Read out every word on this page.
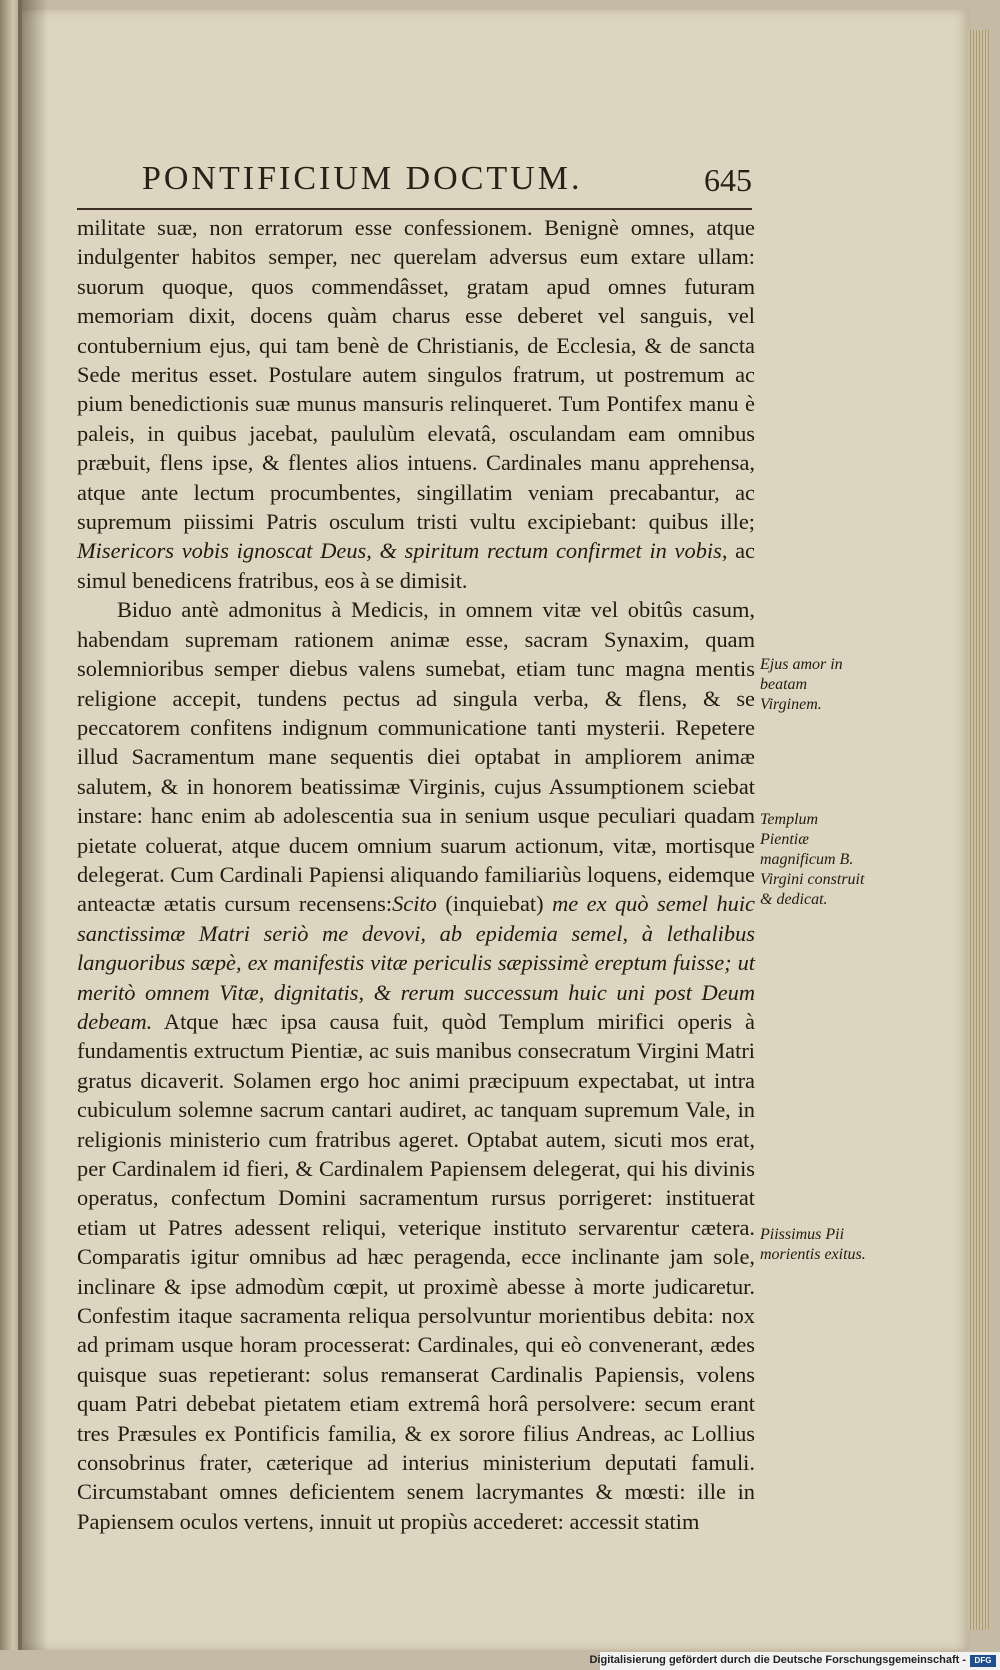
PONTIFICIUM DOCTUM.	645

militate suæ, non erratorum esse confessionem. Benignè omnes, atque indulgenter habitos semper, nec querelam adversus eum extare ullam: suorum quoque, quos commendâsset, gratam apud omnes futuram memoriam dixit, docens quàm charus esse deberet vel sanguis, vel contubernium ejus, qui tam benè de Christianis, de Ecclesia, & de sancta Sede meritus esset. Postulare autem singulos fratrum, ut postremum ac pium benedictionis suæ munus mansuris relinqueret. Tum Pontifex manu è paleis, in quibus jacebat, paululùm elevatâ, osculandam eam omnibus præbuit, flens ipse, & flentes alios intuens. Cardinales manu apprehensa, atque ante lectum procumbentes, singillatim veniam precabantur, ac supremum piissimi Patris osculum tristi vultu excipiebant: quibus ille; Misericors vobis ignoscat Deus, & spiritum rectum confirmet in vobis, ac simul benedicens fratribus, eos à se dimisit.

Biduo antè admonitus à Medicis, in omnem vitæ vel obitûs casum, habendam supremam rationem animæ esse, sacram Synaxim, quam solemnioribus semper diebus valens sumebat, etiam tunc magna mentis religione accepit, tundens pectus ad singula verba, & flens, & se peccatorem confitens indignum communicatione tanti mysterii. Repetere illud Sacramentum mane sequentis diei optabat in ampliorem animæ salutem, & in honorem beatissimæ Virginis, cujus Assumptionem sciebat instare: hanc enim ab adolescentia sua in senium usque peculiari quadam pietate coluerat, atque ducem omnium suarum actionum, vitæ, mortisque delegerat. Cum Cardinali Papiensi aliquando familiariùs loquens, eidemque anteactæ ætatis cursum recensens:Scito (inquiebat) me ex quò semel huic sanctissimæ Matri seriò me devovi, ab epidemia semel, à lethalibus languoribus sæpè, ex manifestis vitæ periculis sæpissimè ereptum fuisse; ut meritò omnem Vitæ, dignitatis, & rerum successum huic uni post Deum debeam. Atque hæc ipsa causa fuit, quòd Templum mirifici operis à fundamentis extructum Pientiæ, ac suis manibus consecratum Virgini Matri gratus dicaverit. Solamen ergo hoc animi præcipuum expectabat, ut intra cubiculum solemne sacrum cantari audiret, ac tanquam supremum Vale, in religionis ministerio cum fratribus ageret. Optabat autem, sicuti mos erat, per Cardinalem id fieri, & Cardinalem Papiensem delegerat, qui his divinis operatus, confectum Domini sacramentum rursus porrigeret: instituerat etiam ut Patres adessent reliqui, veterique instituto servarentur cætera. Comparatis igitur omnibus ad hæc peragenda, ecce inclinante jam sole, inclinare & ipse admodùm cœpit, ut proximè abesse à morte judicaretur. Confestim itaque sacramenta reliqua persolvuntur morientibus debita: nox ad primam usque horam processerat: Cardinales, qui eò convenerant, ædes quisque suas repetierant: solus remanserat Cardinalis Papiensis, volens quam Patri debebat pietatem etiam extremâ horâ persolvere: secum erant tres Præsules ex Pontificis familia, & ex sorore filius Andreas, ac Lollius consobrinus frater, cæterique ad interius ministerium deputati famuli. Circumstabant omnes deficientem senem lacrymantes & mœsti: ille in Papiensem oculos vertens, innuit ut propiùs accederet: accessit statim

Ejus amor in beatam Virginem.
Templum Pientiæ magnificum B. Virgini construit & dedicat.
Piissimus Pii morientis exitus.
Digitalisierung gefördert durch die Deutsche Forschungsgemeinschaft -	DFG
